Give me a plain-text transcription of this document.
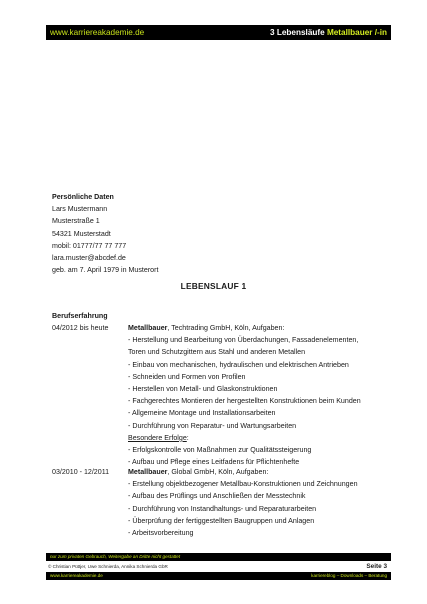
www.karriereakademie.de	3 Lebensläufe Metallbauer /-in
Persönliche Daten
Lars Mustermann
Musterstraße 1
54321 Musterstadt
mobil: 01777/77 77 777
lara.muster@abcdef.de
geb. am 7. April 1979 in Musterort
LEBENSLAUF 1
Berufserfahrung
04/2012 bis heute	Metallbauer, Techtrading GmbH, Köln, Aufgaben:
- Herstellung und Bearbeitung von Überdachungen, Fassadenelementen,
Toren und Schutzgittern aus Stahl und anderen Metallen
- Einbau von mechanischen, hydraulischen und elektrischen Antrieben
- Schneiden und Formen von Profilen
- Herstellen von Metall- und Glaskonstruktionen
- Fachgerechtes Montieren der hergestellten Konstruktionen beim Kunden
- Allgemeine Montage und Installationsarbeiten
- Durchführung von Reparatur- und Wartungsarbeiten
Besondere Erfolge:
- Erfolgskontrolle von Maßnahmen zur Qualitätssteigerung
- Aufbau und Pflege eines Leitfadens für Pflichtenhefte
03/2010 - 12/2011	Metallbauer, Global GmbH, Köln, Aufgaben:
- Erstellung objektbezogener Metallbau-Konstruktionen und Zeichnungen
- Aufbau des Prüflings und Anschließen der Messtechnik
- Durchführung von Instandhaltungs- und Reparaturarbeiten
- Überprüfung der fertiggestellten Baugruppen und Anlagen
- Arbeitsvorbereitung
nur zum privaten Gebrauch, Weitergabe an Dritte nicht gestattet
© Christian Püttjer, Uwe Schnierda, Annika Schnierda GbR	Seite 3
www.karriereakademie.de	karriereblog – Downloads – Beratung
